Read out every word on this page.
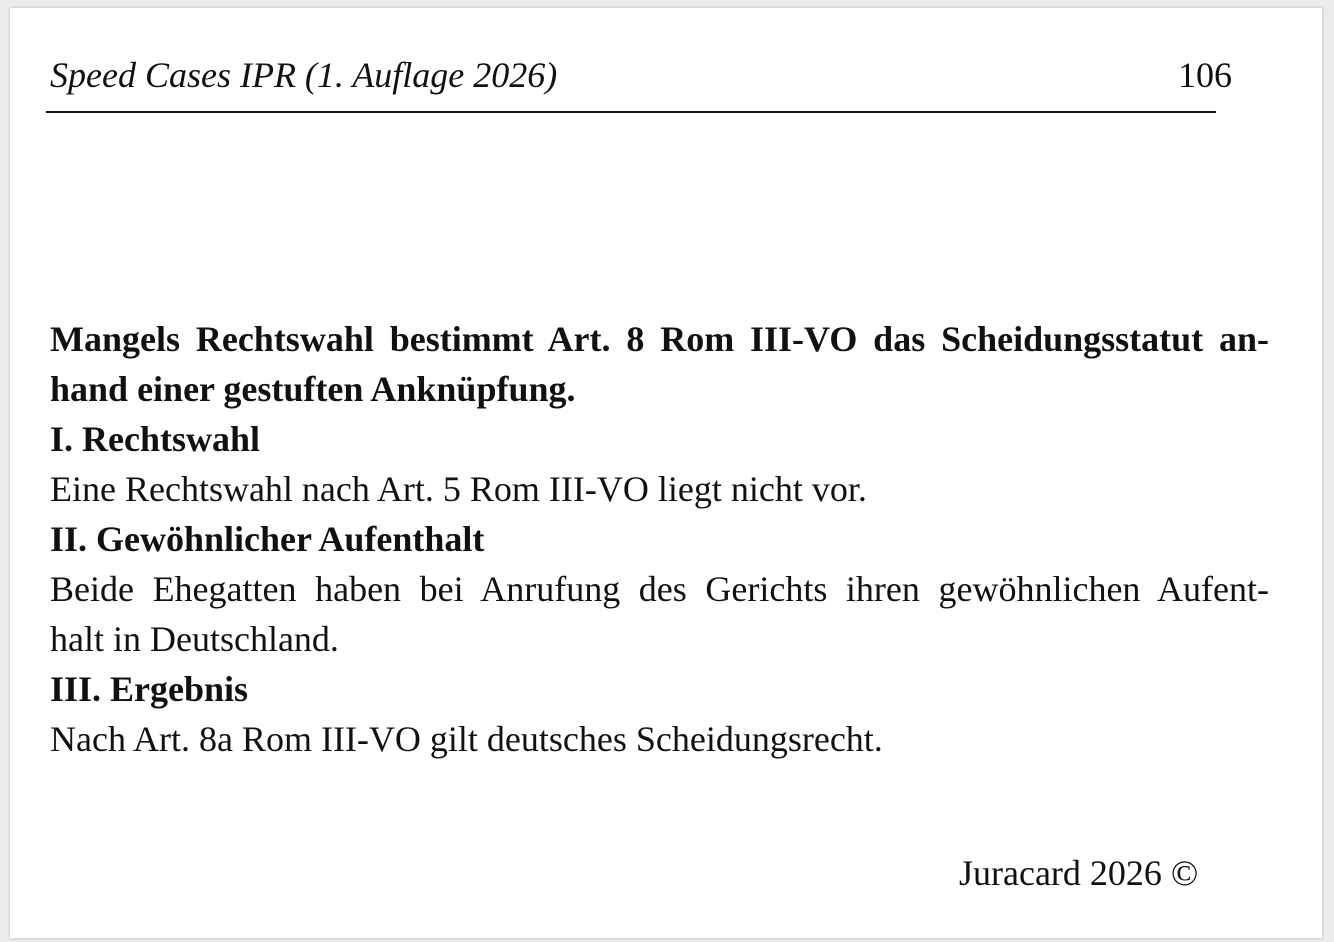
Speed Cases IPR (1. Auflage 2026)	106

Mangels Rechtswahl bestimmt Art. 8 Rom III-VO das Scheidungsstatut an-

hand einer gestuften Anknüpfung.

I. Rechtswahl

Eine Rechtswahl nach Art. 5 Rom III-VO liegt nicht vor.

II. Gewöhnlicher Aufenthalt

Beide Ehegatten haben bei Anrufung des Gerichts ihren gewöhnlichen Aufent-

halt in Deutschland.

III. Ergebnis

Nach Art. 8a Rom III-VO gilt deutsches Scheidungsrecht.

Juracard 2026 ©
